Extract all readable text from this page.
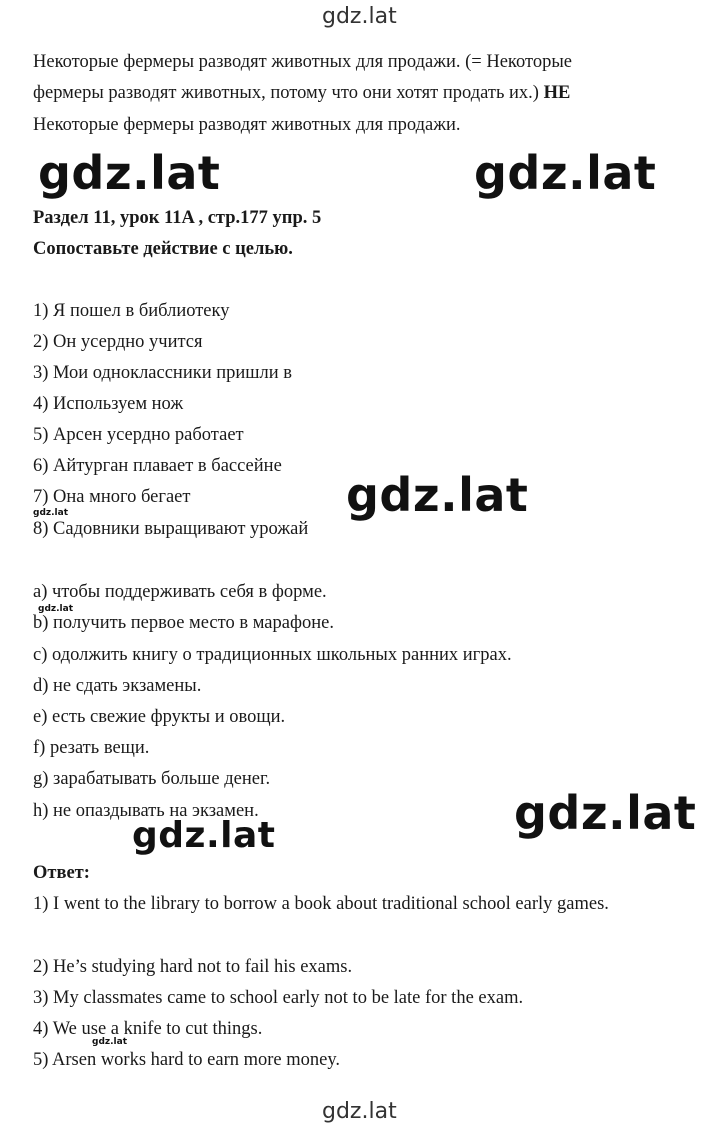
gdz.lat
gdz.lat	gdz.lat
gdz.lat
gdz.lat
gdz.lat
gdz.lat
gdz.lat
gdz.lat
gdz.lat
Некоторые фермеры разводят животных для продажи. (= Некоторые
фермеры разводят животных, потому что они хотят продать их.) НЕ
Некоторые фермеры разводят животных для продажи.
Раздел 11, урок 11A , стр.177 упр. 5
Сопоставьте действие с целью.
1) Я пошел в библиотеку
2) Он усердно учится
3) Мои одноклассники пришли в
4) Используем нож
5) Арсен усердно работает
6) Айтурган плавает в бассейне
7) Она много бегает
8) Садовники выращивают урожай
a) чтобы поддерживать себя в форме.
b) получить первое место в марафоне.
c) одолжить книгу о традиционных школьных ранних играх.
d) не сдать экзамены.
e) есть свежие фрукты и овощи.
f) резать вещи.
g) зарабатывать больше денег.
h) не опаздывать на экзамен.
Ответ:
1) I went to the library to borrow a book about traditional school early games.
2) He’s studying hard not to fail his exams.
3) My classmates came to school early not to be late for the exam.
4) We use a knife to cut things.
5) Arsen works hard to earn more money.
